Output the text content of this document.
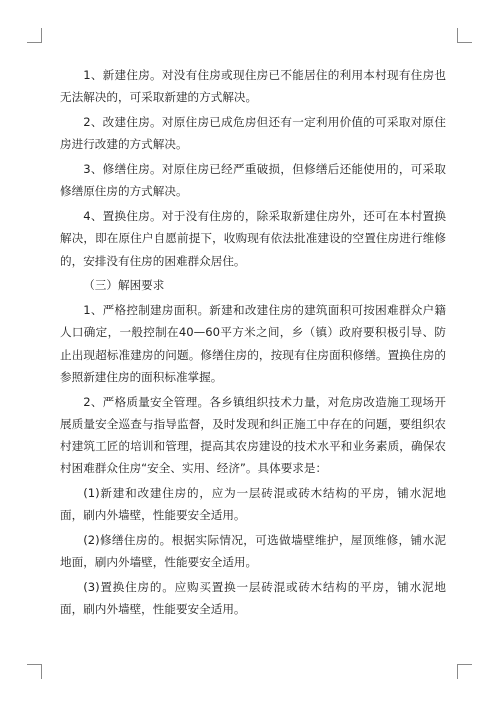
1、新建住房。对没有住房或现住房已不能居住的利用本村现有住房也无法解决的，可采取新建的方式解决。

2、改建住房。对原住房已成危房但还有一定利用价值的可采取对原住房进行改建的方式解决。

3、修缮住房。对原住房已经严重破损，但修缮后还能使用的，可采取修缮原住房的方式解决。

4、置换住房。对于没有住房的，除采取新建住房外，还可在本村置换解决，即在原住户自愿前提下，收购现有依法批准建设的空置住房进行维修的，安排没有住房的困难群众居住。

（三）解困要求

1、严格控制建房面积。新建和改建住房的建筑面积可按困难群众户籍人口确定，一般控制在40—60平方米之间，乡（镇）政府要积极引导、防止出现超标准建房的问题。修缮住房的，按现有住房面积修缮。置换住房的参照新建住房的面积标准掌握。

2、严格质量安全管理。各乡镇组织技术力量，对危房改造施工现场开展质量安全巡查与指导监督，及时发现和纠正施工中存在的问题，要组织农村建筑工匠的培训和管理，提高其农房建设的技术水平和业务素质，确保农村困难群众住房“安全、实用、经济”。具体要求是：

(1)新建和改建住房的，应为一层砖混或砖木结构的平房，铺水泥地面，刷内外墙壁，性能要安全适用。

(2)修缮住房的。根据实际情况，可选做墙壁维护，屋顶维修，铺水泥地面，刷内外墙壁，性能要安全适用。

(3)置换住房的。应购买置换一层砖混或砖木结构的平房，铺水泥地面，刷内外墙壁，性能要安全适用。
